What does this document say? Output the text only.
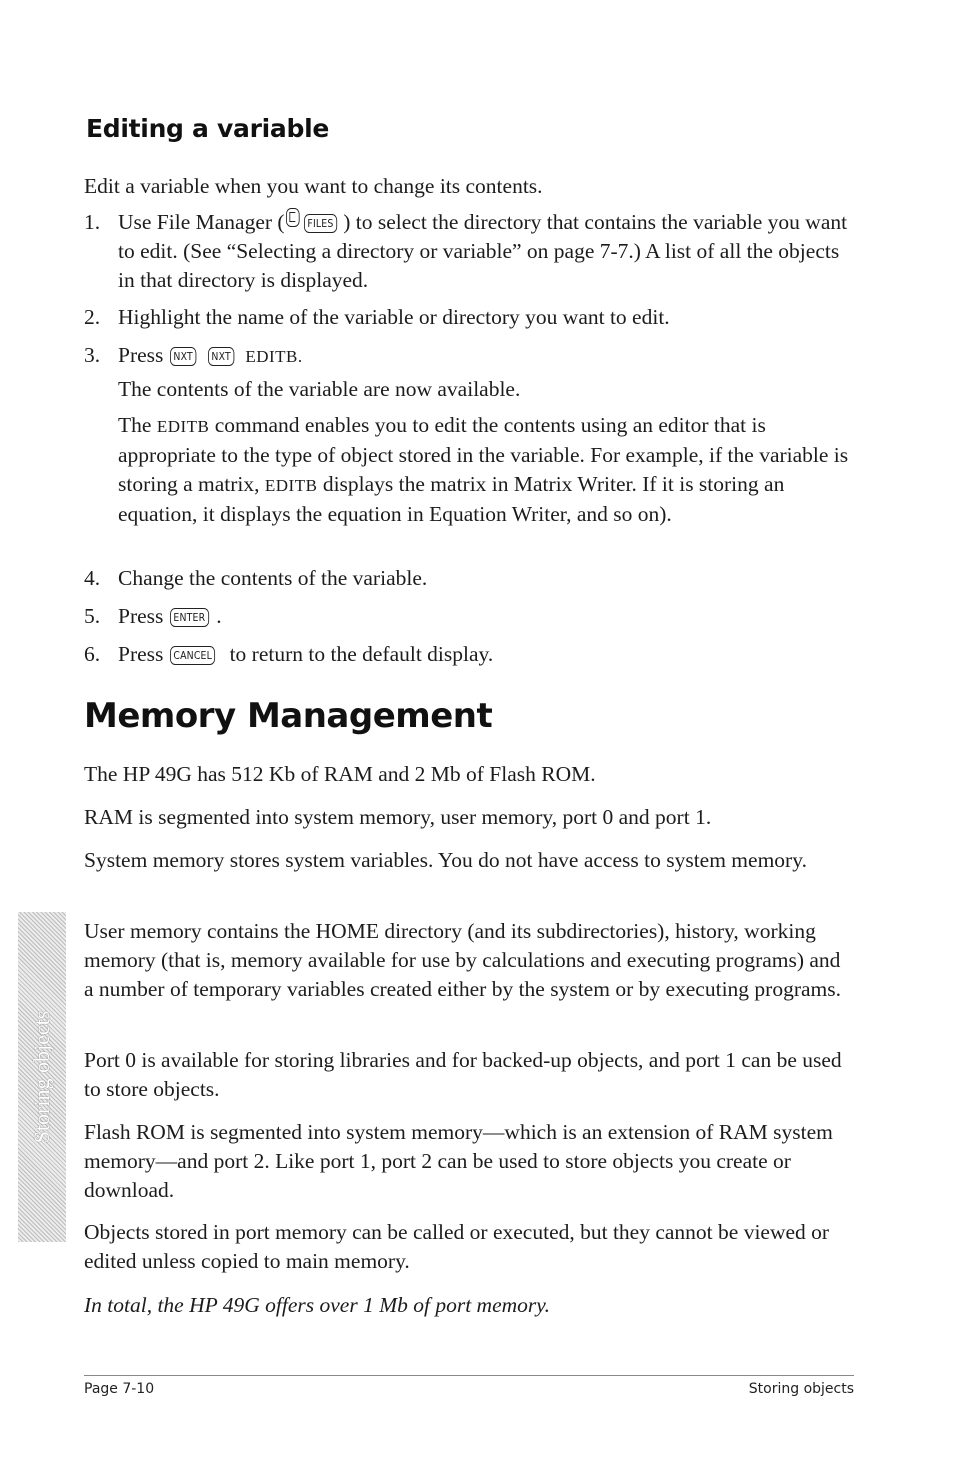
Editing a variable

Edit a variable when you want to change its contents.

1. Use File Manager ( FILES ) to select the directory that contains the variable you want to edit. (See “Selecting a directory or variable” on page 7-7.) A list of all the objects in that directory is displayed.
2. Highlight the name of the variable or directory you want to edit.
3. Press NXT NXT EDITB.

The contents of the variable are now available.

The EDITB command enables you to edit the contents using an editor that is appropriate to the type of object stored in the variable. For example, if the variable is storing a matrix, EDITB displays the matrix in Matrix Writer. If it is storing an equation, it displays the equation in Equation Writer, and so on).

4. Change the contents of the variable.
5. Press ENTER .
6. Press CANCEL to return to the default display.
Memory Management

The HP 49G has 512 Kb of RAM and 2 Mb of Flash ROM.

RAM is segmented into system memory, user memory, port 0 and port 1.

System memory stores system variables. You do not have access to system memory.

User memory contains the HOME directory (and its subdirectories), history, working memory (that is, memory available for use by calculations and executing programs) and a number of temporary variables created either by the system or by executing programs.

Port 0 is available for storing libraries and for backed-up objects, and port 1 can be used to store objects.

Flash ROM is segmented into system memory—which is an extension of RAM system memory—and port 2. Like port 1, port 2 can be used to store objects you create or download.

Objects stored in port memory can be called or executed, but they cannot be viewed or edited unless copied to main memory.

In total, the HP 49G offers over 1 Mb of port memory.

Storing objects
Page 7-10	Storing objects
